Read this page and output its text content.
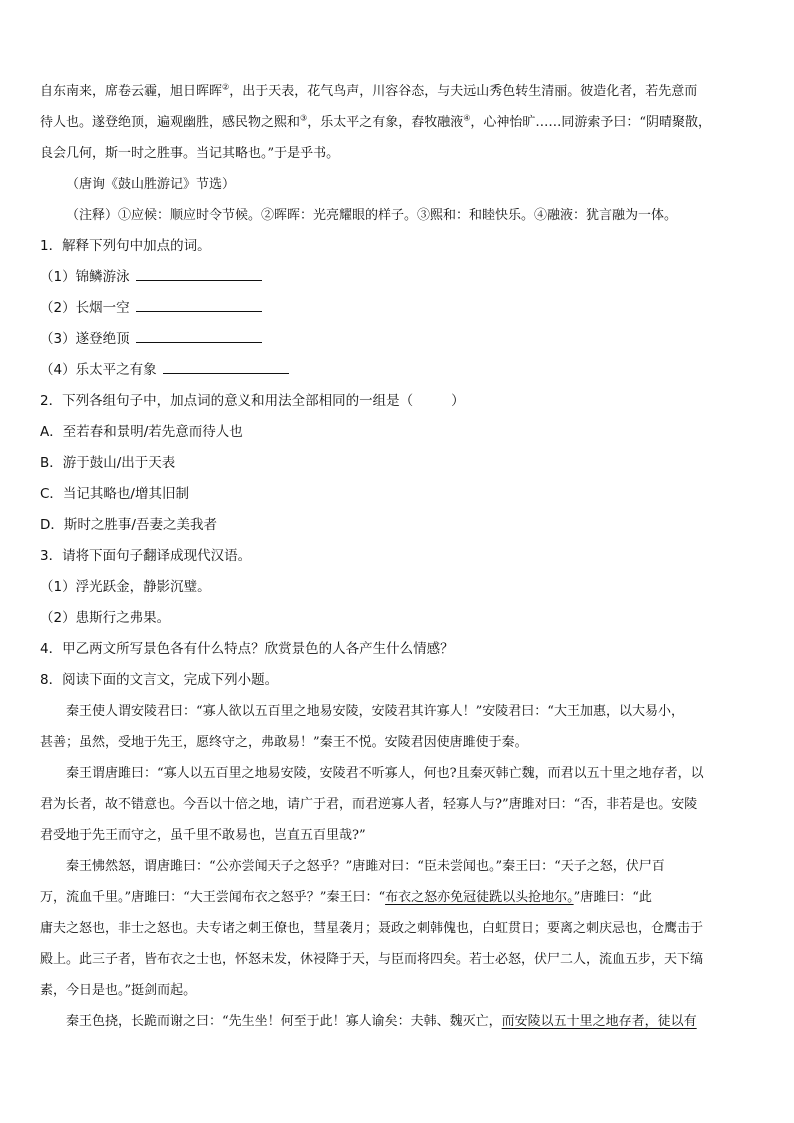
自东南来，席卷云霾，旭日晖晖②，出于天表，花气鸟声，川容谷态，与夫远山秀色转生清丽。彼造化者，若先意而
待人也。遂登绝顶，遍观幽胜，感民物之熙和③，乐太平之有象，舂牧融液④，心神怡旷……同游索予曰：“阴晴聚散，
良会几何，斯一时之胜事。当记其略也。”于是乎书。
（唐询《鼓山胜游记》节选）
（注释）①应候：顺应时令节候。②晖晖：光亮耀眼的样子。③熙和：和睦快乐。④融液：犹言融为一体。
1．解释下列句中加点的词。
（1）锦鳞游泳
（2）长烟一空
（3）遂登绝顶
（4）乐太平之有象
2．下列各组句子中，加点词的意义和用法全部相同的一组是（	）
A．至若春和景明/若先意而待人也
B．游于鼓山/出于天表
C．当记其略也/增其旧制
D．斯时之胜事/吾妻之美我者
3．请将下面句子翻译成现代汉语。
（1）浮光跃金，静影沉璧。
（2）患斯行之弗果。
4．甲乙两文所写景色各有什么特点？欣赏景色的人各产生什么情感？
8．阅读下面的文言文，完成下列小题。
秦王使人谓安陵君曰：“寡人欲以五百里之地易安陵，安陵君其许寡人！”安陵君曰：“大王加惠，以大易小，
甚善；虽然，受地于先王，愿终守之，弗敢易！”秦王不悦。安陵君因使唐雎使于秦。
秦王谓唐雎曰：“寡人以五百里之地易安陵，安陵君不听寡人，何也?且秦灭韩亡魏，而君以五十里之地存者，以
君为长者，故不错意也。今吾以十倍之地，请广于君，而君逆寡人者，轻寡人与?”唐雎对曰：“否，非若是也。安陵
君受地于先王而守之，虽千里不敢易也，岂直五百里哉?”
秦王怫然怒，谓唐雎曰：“公亦尝闻天子之怒乎？”唐雎对曰：“臣未尝闻也。”秦王曰：“天子之怒，伏尸百
万，流血千里。”唐雎曰：“大王尝闻布衣之怒乎？”秦王曰：“布衣之怒亦免冠徒跣以头抢地尔。”唐雎曰：“此
庸夫之怒也，非士之怒也。夫专诸之刺王僚也，彗星袭月；聂政之刺韩傀也，白虹贯日；要离之刺庆忌也，仓鹰击于
殿上。此三子者，皆布衣之士也，怀怒未发，休祲降于天，与臣而将四矣。若士必怒，伏尸二人，流血五步，天下缟
素，今日是也。”挺剑而起。
秦王色挠，长跪而谢之曰：“先生坐！何至于此！寡人谕矣：夫韩、魏灭亡，而安陵以五十里之地存者，徒以有
